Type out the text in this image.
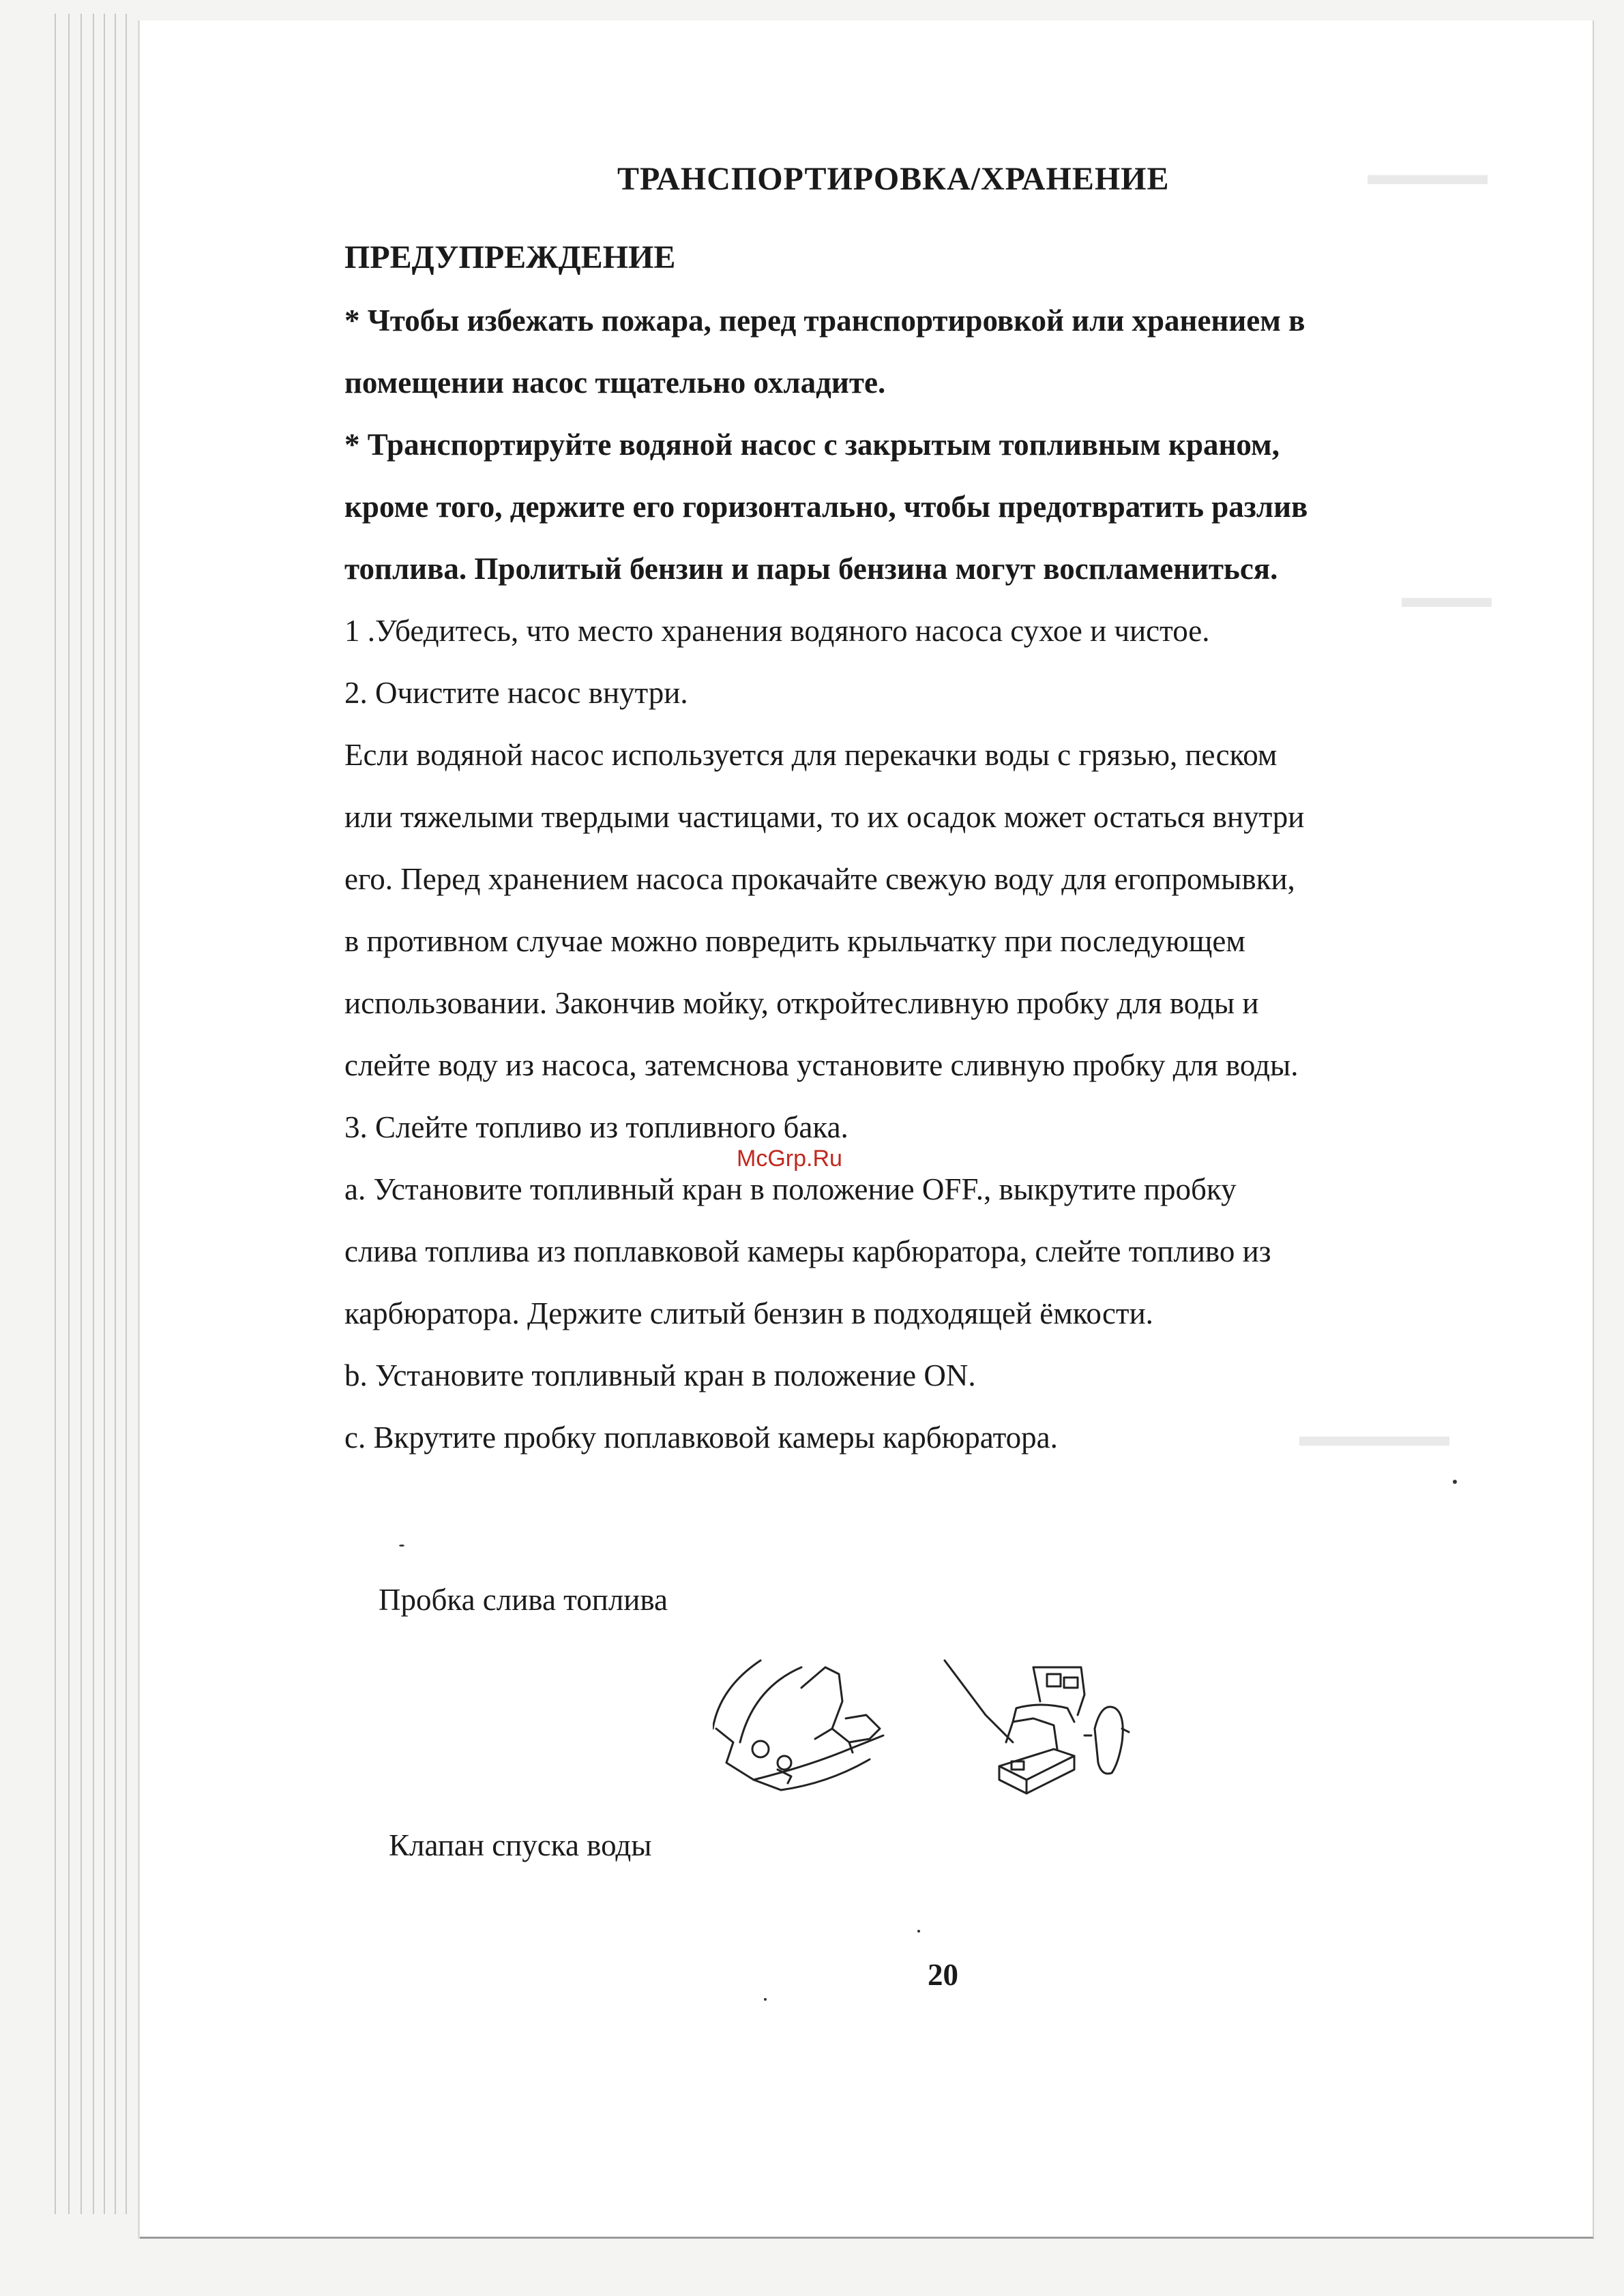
▬▬▬▬
▬▬▬
▬▬▬▬▬
ТРАНСПОРТИРОВКА/ХРАНЕНИЕ
ПРЕДУПРЕЖДЕНИЕ
* Чтобы избежать пожара, перед транспортировкой или хранением в
помещении насос тщательно охладите.
* Транспортируйте водяной насос с закрытым топливным краном,
кроме того, держите его горизонтально, чтобы предотвратить разлив
топлива. Пролитый бензин и пары бензина могут воспламениться.
1 .Убедитесь, что место хранения водяного насоса сухое и чистое.
2. Очистите насос внутри.
Если водяной насос используется для перекачки воды с грязью, песком
или тяжелыми твердыми частицами, то их осадок может остаться внутри
его. Перед хранением насоса прокачайте свежую воду для егопромывки,
в противном случае можно повредить крыльчатку при последующем
использовании. Закончив мойку, откройтесливную пробку для воды и
слейте воду из насоса, затемснова установите сливную пробку для воды.
3. Слейте топливо из топливного бака.
а. Установите топливный кран в положение OFF., выкрутите пробку
слива топлива из поплавковой камеры карбюратора, слейте топливо из
карбюратора. Держите слитый бензин в подходящей ёмкости.
b. Установите топливный кран в положение ON.
с. Вкрутите пробку поплавковой камеры карбюратора.
McGrp.Ru
Пробка слива топлива
Клапан спуска воды
20
